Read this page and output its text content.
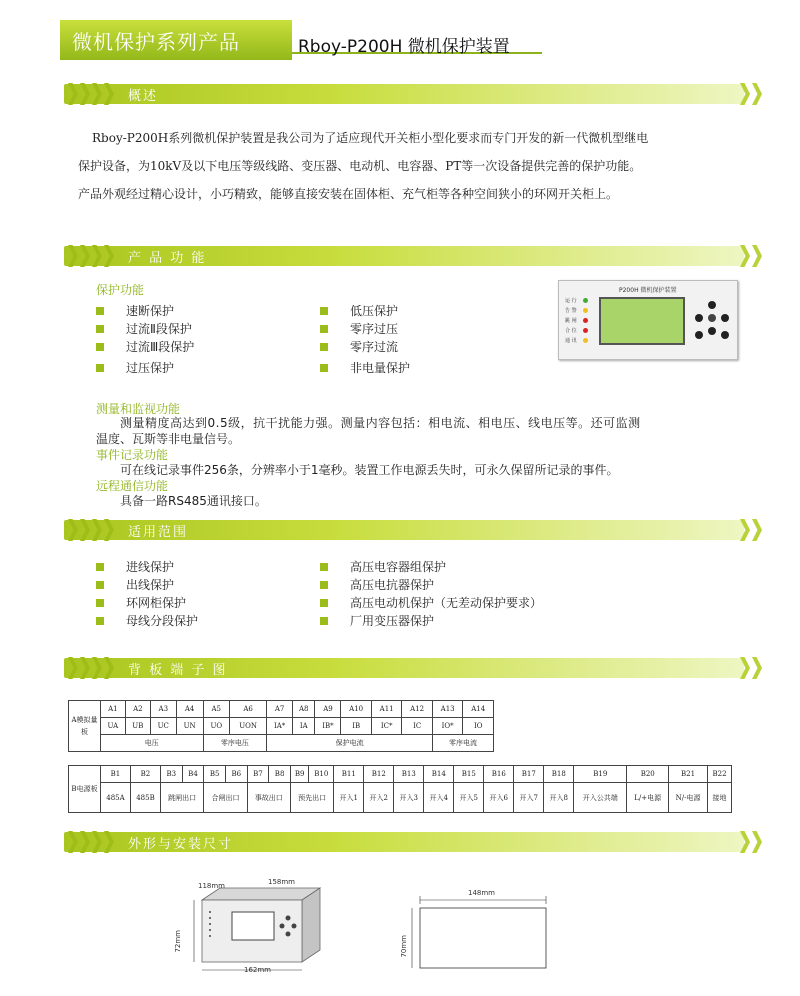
微机保护系列产品	Rboy-P200H 微机保护装置
概述

Rboy-P200H系列微机保护装置是我公司为了适应现代开关柜小型化要求而专门开发的新一代微机型继电

保护设备，为10kV及以下电压等级线路、变压器、电动机、电容器、PT等一次设备提供完善的保护功能。

产品外观经过精心设计，小巧精致，能够直接安装在固体柜、充气柜等各种空间狭小的环网开关柜上。

产 品 功 能
保护功能
速断保护
过流Ⅱ段保护
过流Ⅲ段保护
过压保护
低压保护
零序过压
零序过流
非电量保护
P200H 微机保护装置
运 行
告 警
跳 闸
合 位
通 讯
测量和监视功能
测量精度高达到0.5级，抗干扰能力强。测量内容包括：相电流、相电压、线电压等。还可监测
温度、瓦斯等非电量信号。
事件记录功能
可在线记录事件256条，分辨率小于1毫秒。装置工作电源丢失时，可永久保留所记录的事件。
远程通信功能
具备一路RS485通讯接口。
适用范围
进线保护
出线保护
环网柜保护
母线分段保护
高压电容器组保护
高压电抗器保护
高压电动机保护（无差动保护要求）
厂用变压器保护
背 板 端 子 图
A模拟量板	A1	A2	A3	A4	A5	A6	A7	A8	A9	A10	A11	A12	A13	A14
	UA	UB	UC	UN	UO	UON	IA*	IA	IB*	IB	IC*	IC	IO*	IO
	电压				零序电压		保护电流						零序电流	
B电源板	B1	B2	B3	B4	B5	B6	B7	B8	B9	B10	B11	B12	B13	B14	B15	B16	B17	B18	B19	B20	B21	B22
	485A	485B	跳闸出口		合闸出口		事故出口		预先出口		开入1	开入2	开入3	开入4	开入5	开入6	开入7	开入8	开入公共端	L/+电源	N/-电源	接地
外形与安装尺寸
118mm	158mm
72mm
162mm
148mm
70mm
